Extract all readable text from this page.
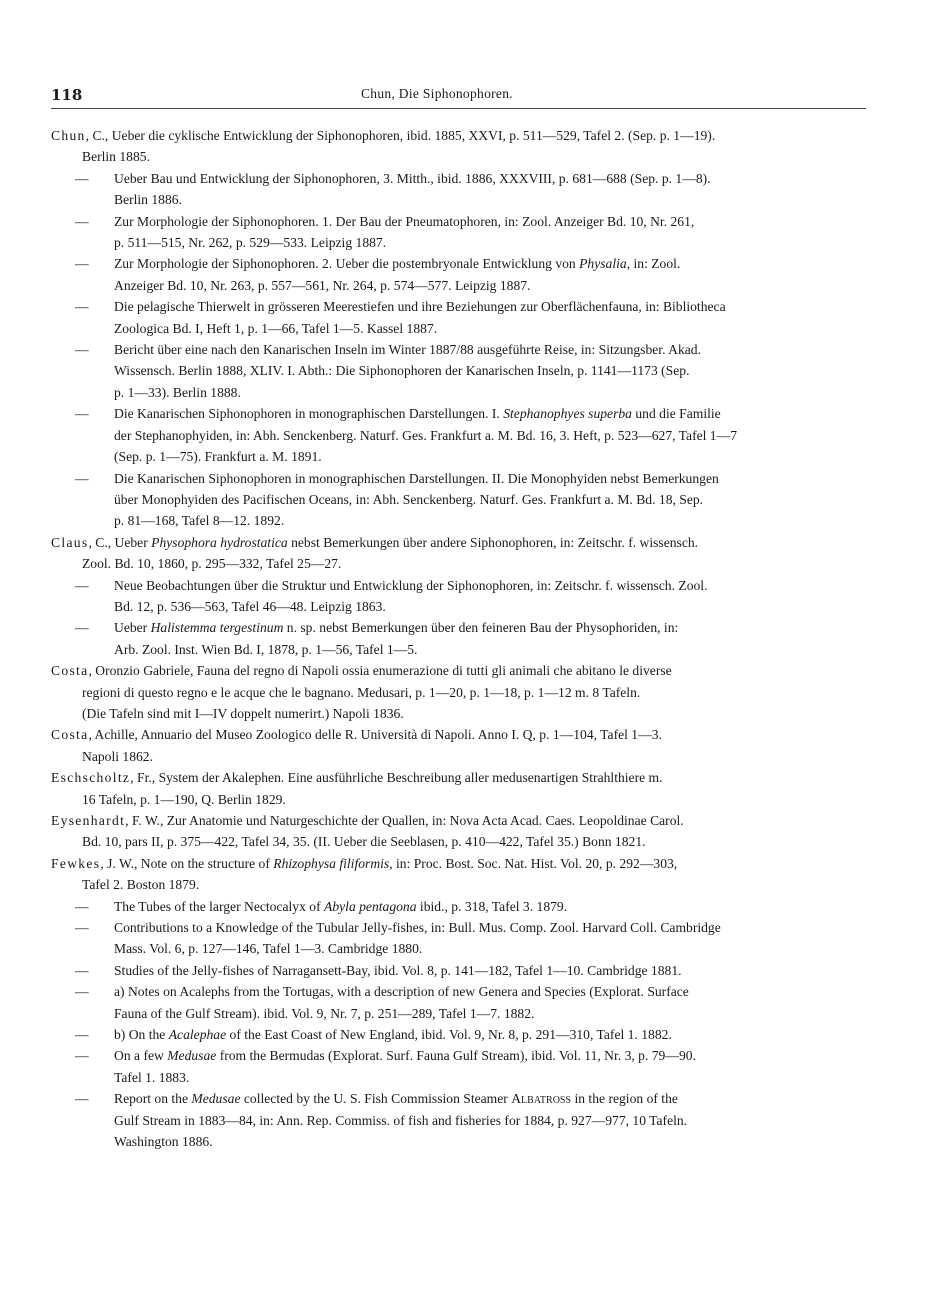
118	Chun, Die Siphonophoren.
Chun, C., Ueber die cyklische Entwicklung der Siphonophoren, ibid. 1885, XXVI, p. 511—529, Tafel 2. (Sep. p. 1—19).
Berlin 1885.
— Ueber Bau und Entwicklung der Siphonophoren, 3. Mitth., ibid. 1886, XXXVIII, p. 681—688 (Sep. p. 1—8).
Berlin 1886.
— Zur Morphologie der Siphonophoren. 1. Der Bau der Pneumatophoren, in: Zool. Anzeiger Bd. 10, Nr. 261,
p. 511—515, Nr. 262, p. 529—533. Leipzig 1887.
— Zur Morphologie der Siphonophoren. 2. Ueber die postembryonale Entwicklung von Physalia, in: Zool.
Anzeiger Bd. 10, Nr. 263, p. 557—561, Nr. 264, p. 574—577. Leipzig 1887.
— Die pelagische Thierwelt in grösseren Meerestiefen und ihre Beziehungen zur Oberflächenfauna, in: Bibliotheca
Zoologica Bd. I, Heft 1, p. 1—66, Tafel 1—5. Kassel 1887.
— Bericht über eine nach den Kanarischen Inseln im Winter 1887/88 ausgeführte Reise, in: Sitzungsber. Akad.
Wissensch. Berlin 1888, XLIV. I. Abth.: Die Siphonophoren der Kanarischen Inseln, p. 1141—1173 (Sep.
p. 1—33). Berlin 1888.
— Die Kanarischen Siphonophoren in monographischen Darstellungen. I. Stephanophyes superba und die Familie
der Stephanophyiden, in: Abh. Senckenberg. Naturf. Ges. Frankfurt a. M. Bd. 16, 3. Heft, p. 523—627, Tafel 1—7
(Sep. p. 1—75). Frankfurt a. M. 1891.
— Die Kanarischen Siphonophoren in monographischen Darstellungen. II. Die Monophyiden nebst Bemerkungen
über Monophyiden des Pacifischen Oceans, in: Abh. Senckenberg. Naturf. Ges. Frankfurt a. M. Bd. 18, Sep.
p. 81—168, Tafel 8—12. 1892.
Claus, C., Ueber Physophora hydrostatica nebst Bemerkungen über andere Siphonophoren, in: Zeitschr. f. wissensch.
Zool. Bd. 10, 1860, p. 295—332, Tafel 25—27.
— Neue Beobachtungen über die Struktur und Entwicklung der Siphonophoren, in: Zeitschr. f. wissensch. Zool.
Bd. 12, p. 536—563, Tafel 46—48. Leipzig 1863.
— Ueber Halistemma tergestinum n. sp. nebst Bemerkungen über den feineren Bau der Physophoriden, in:
Arb. Zool. Inst. Wien Bd. I, 1878, p. 1—56, Tafel 1—5.
Costa, Oronzio Gabriele, Fauna del regno di Napoli ossia enumerazione di tutti gli animali che abitano le diverse
regioni di questo regno e le acque che le bagnano. Medusari, p. 1—20, p. 1—18, p. 1—12 m. 8 Tafeln.
(Die Tafeln sind mit I—IV doppelt numerirt.) Napoli 1836.
Costa, Achille, Annuario del Museo Zoologico delle R. Università di Napoli. Anno I. Q, p. 1—104, Tafel 1—3.
Napoli 1862.
Eschscholtz, Fr., System der Akalephen. Eine ausführliche Beschreibung aller medusenartigen Strahlthiere m.
16 Tafeln, p. 1—190, Q. Berlin 1829.
Eysenhardt, F. W., Zur Anatomie und Naturgeschichte der Quallen, in: Nova Acta Acad. Caes. Leopoldinae Carol.
Bd. 10, pars II, p. 375—422, Tafel 34, 35. (II. Ueber die Seeblasen, p. 410—422, Tafel 35.) Bonn 1821.
Fewkes, J. W., Note on the structure of Rhizophysa filiformis, in: Proc. Bost. Soc. Nat. Hist. Vol. 20, p. 292—303,
Tafel 2. Boston 1879.
— The Tubes of the larger Nectocalyx of Abyla pentagona ibid., p. 318, Tafel 3. 1879.
— Contributions to a Knowledge of the Tubular Jelly-fishes, in: Bull. Mus. Comp. Zool. Harvard Coll. Cambridge
Mass. Vol. 6, p. 127—146, Tafel 1—3. Cambridge 1880.
— Studies of the Jelly-fishes of Narragansett-Bay, ibid. Vol. 8, p. 141—182, Tafel 1—10. Cambridge 1881.
— a) Notes on Acalephs from the Tortugas, with a description of new Genera and Species (Explorat. Surface
Fauna of the Gulf Stream). ibid. Vol. 9, Nr. 7, p. 251—289, Tafel 1—7. 1882.
— b) On the Acalephae of the East Coast of New England, ibid. Vol. 9, Nr. 8, p. 291—310, Tafel 1. 1882.
— On a few Medusae from the Bermudas (Explorat. Surf. Fauna Gulf Stream), ibid. Vol. 11, Nr. 3, p. 79—90.
Tafel 1. 1883.
— Report on the Medusae collected by the U. S. Fish Commission Steamer Albatross in the region of the
Gulf Stream in 1883—84, in: Ann. Rep. Commiss. of fish and fisheries for 1884, p. 927—977, 10 Tafeln.
Washington 1886.
